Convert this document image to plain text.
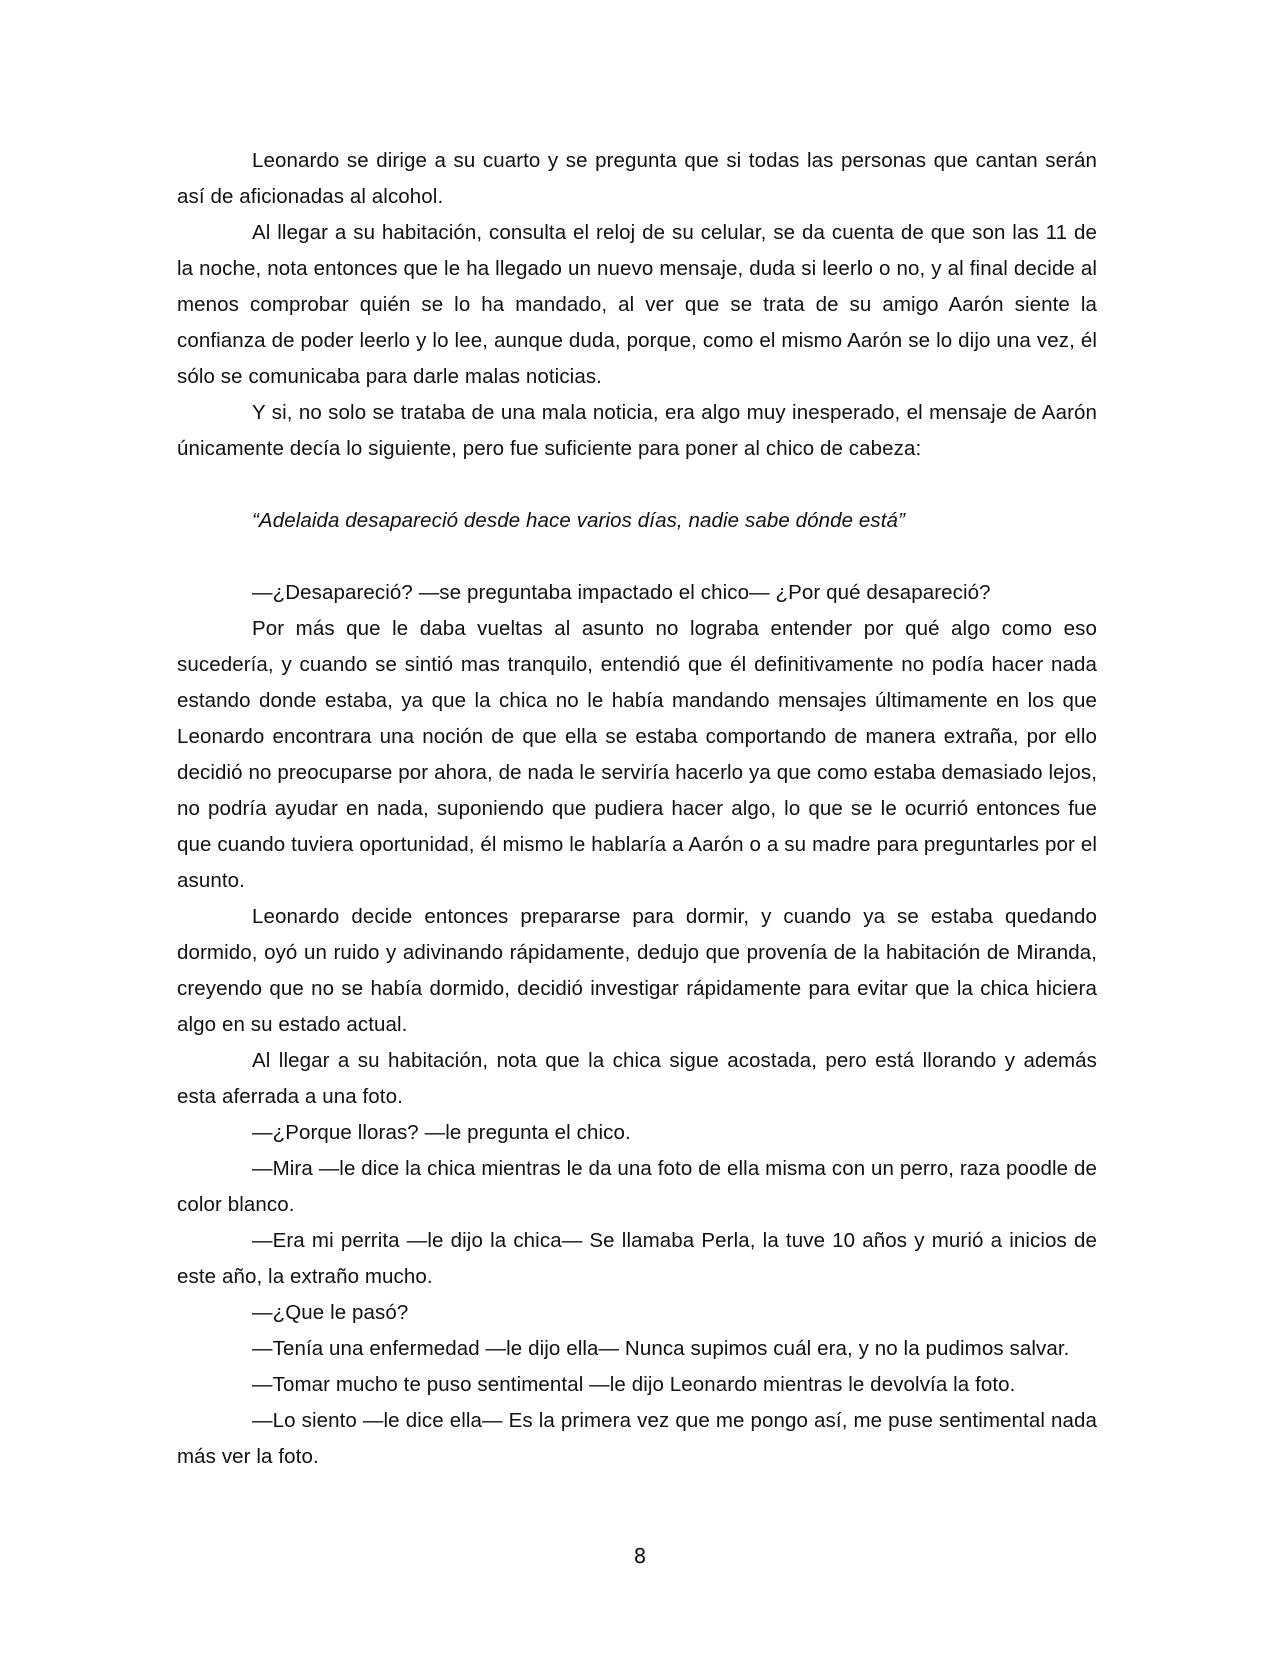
Leonardo se dirige a su cuarto y se pregunta que si todas las personas que cantan serán así de aficionadas al alcohol.

Al llegar a su habitación, consulta el reloj de su celular, se da cuenta de que son las 11 de la noche, nota entonces que le ha llegado un nuevo mensaje, duda si leerlo o no, y al final decide al menos comprobar quién se lo ha mandado, al ver que se trata de su amigo Aarón siente la confianza de poder leerlo y lo lee, aunque duda, porque, como el mismo Aarón se lo dijo una vez, él sólo se comunicaba para darle malas noticias.

Y si, no solo se trataba de una mala noticia, era algo muy inesperado, el mensaje de Aarón únicamente decía lo siguiente, pero fue suficiente para poner al chico de cabeza:

“Adelaida desapareció desde hace varios días, nadie sabe dónde está”

—¿Desapareció? —se preguntaba impactado el chico— ¿Por qué desapareció?

Por más que le daba vueltas al asunto no lograba entender por qué algo como eso sucedería, y cuando se sintió mas tranquilo, entendió que él definitivamente no podía hacer nada estando donde estaba, ya que la chica no le había mandando mensajes últimamente en los que Leonardo encontrara una noción de que ella se estaba comportando de manera extraña, por ello decidió no preocuparse por ahora, de nada le serviría hacerlo ya que como estaba demasiado lejos, no podría ayudar en nada, suponiendo que pudiera hacer algo, lo que se le ocurrió entonces fue que cuando tuviera oportunidad, él mismo le hablaría a Aarón o a su madre para preguntarles por el asunto.

Leonardo decide entonces prepararse para dormir, y cuando ya se estaba quedando dormido, oyó un ruido y adivinando rápidamente, dedujo que provenía de la habitación de Miranda, creyendo que no se había dormido, decidió investigar rápidamente para evitar que la chica hiciera algo en su estado actual.

Al llegar a su habitación, nota que la chica sigue acostada, pero está llorando y además esta aferrada a una foto.

—¿Porque lloras? —le pregunta el chico.

—Mira —le dice la chica mientras le da una foto de ella misma con un perro, raza poodle de color blanco.

—Era mi perrita —le dijo la chica— Se llamaba Perla, la tuve 10 años y murió a inicios de este año, la extraño mucho.

—¿Que le pasó?

—Tenía una enfermedad —le dijo ella— Nunca supimos cuál era, y no la pudimos salvar.

—Tomar mucho te puso sentimental —le dijo Leonardo mientras le devolvía la foto.

—Lo siento —le dice ella— Es la primera vez que me pongo así, me puse sentimental nada más ver la foto.

8
